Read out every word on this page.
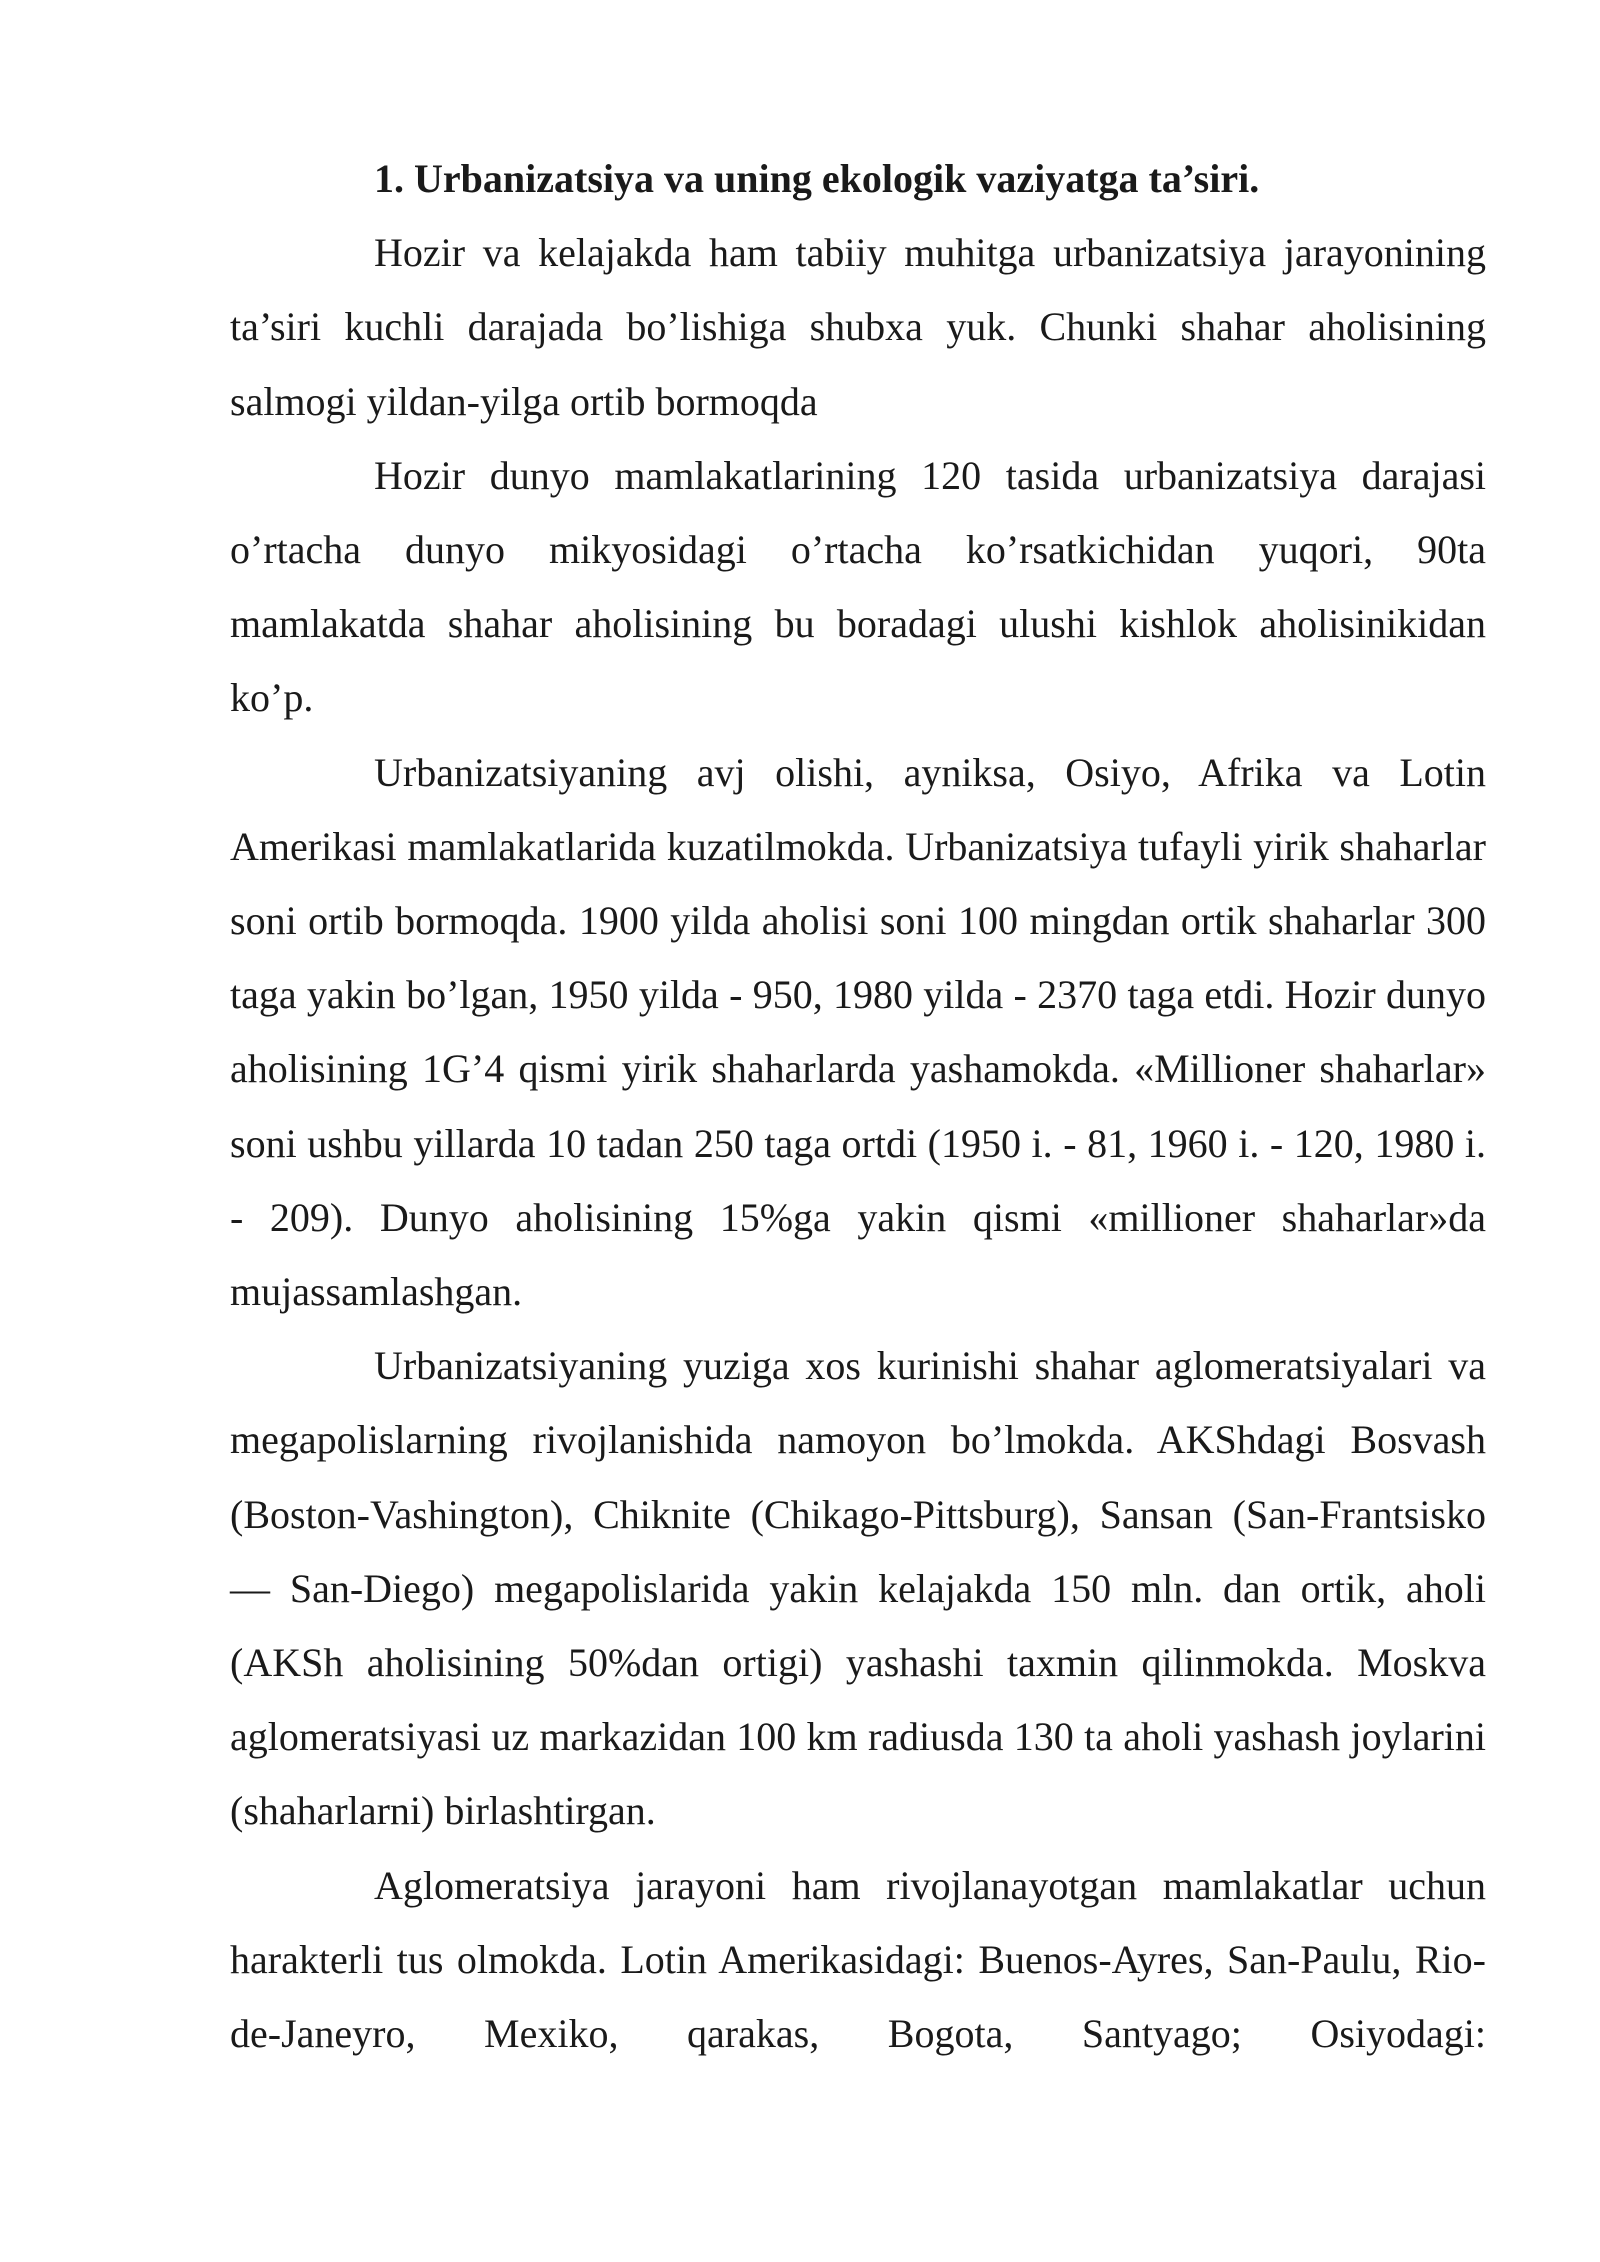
1. Urbanizatsiya va uning ekologik vaziyatga ta’siri.

Hozir va kelajakda ham tabiiy muhitga urbanizatsiya jarayonining ta’siri kuchli darajada bo’lishiga shubxa yuk. Chunki shahar aholisining salmogi yildan-yilga ortib bormoqda

Hozir dunyo mamlakatlarining 120 tasida urbanizatsiya darajasi o’rtacha dunyo mikyosidagi o’rtacha ko’rsatkichidan yuqori, 90ta mamlakatda shahar aholisining bu boradagi ulushi kishlok aholisinikidan ko’p.

Urbanizatsiyaning avj olishi, ayniksa, Osiyo, Afrika va Lotin Amerikasi mamlakatlarida kuzatilmokda. Urbanizatsiya tufayli yirik shaharlar soni ortib bormoqda. 1900 yilda aholisi soni 100 mingdan ortik shaharlar 300 taga yakin bo’lgan, 1950 yilda - 950, 1980 yilda - 2370 taga etdi. Hozir dunyo aholisining 1G’4 qismi yirik shaharlarda yashamokda. «Millioner shaharlar» soni ushbu yillarda 10 tadan 250 taga ortdi (1950 i. - 81, 1960 i. - 120, 1980 i. - 209). Dunyo aholisining 15%ga yakin qismi «millioner shaharlar»da mujassamlashgan.

Urbanizatsiyaning yuziga xos kurinishi shahar aglomeratsiyalari va megapolislarning rivojlanishida namoyon bo’lmokda. AKShdagi Bosvash (Boston-Vashington), Chiknite (Chikago-Pittsburg), Sansan (San-Frantsisko — San-Diego) megapolislarida yakin kelajakda 150 mln. dan ortik, aholi (AKSh aholisining 50%dan ortigi) yashashi taxmin qilinmokda. Moskva aglomeratsiyasi uz markazidan 100 km radiusda 130 ta aholi yashash joylarini (shaharlarni) birlashtirgan.

Aglomeratsiya jarayoni ham rivojlanayotgan mamlakatlar uchun harakterli tus olmokda. Lotin Amerikasidagi: Buenos-Ayres, San-Paulu, Rio-de-Janeyro, Mexiko, qarakas, Bogota, Santyago; Osiyodagi:
